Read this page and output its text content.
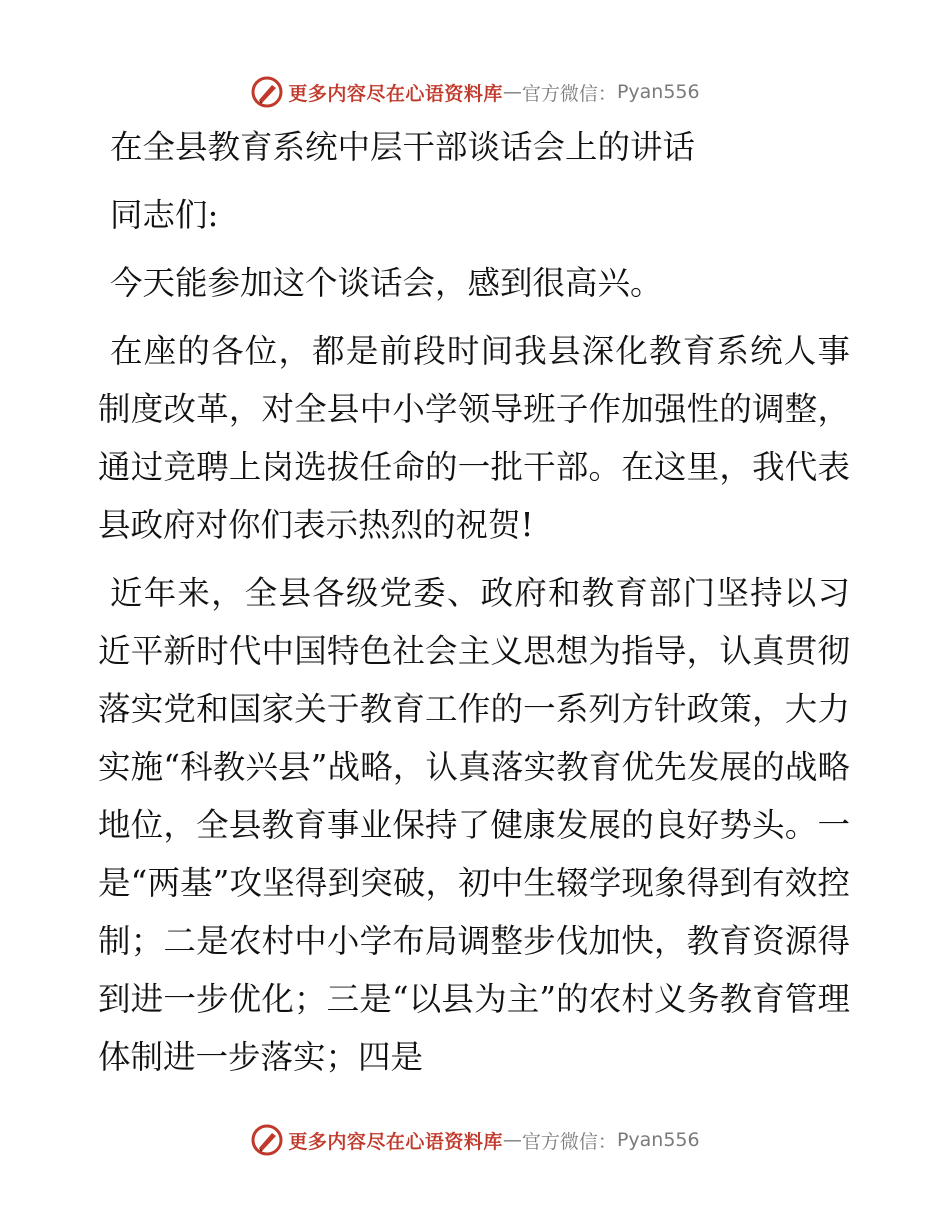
更多内容尽在心语资料库 — 官方微信： Pyan556

在全县教育系统中层干部谈话会上的讲话

同志们:

今天能参加这个谈话会，感到很高兴。

在座的各位，都是前段时间我县深化教育系统人事制度改革，对全县中小学领导班子作加强性的调整，通过竞聘上岗选拔任命的一批干部。在这里，我代表县政府对你们表示热烈的祝贺!

近年来，全县各级党委、政府和教育部门坚持以习近平新时代中国特色社会主义思想为指导，认真贯彻落实党和国家关于教育工作的一系列方针政策，大力实施“科教兴县”战略，认真落实教育优先发展的战略地位，全县教育事业保持了健康发展的良好势头。一是“两基”攻坚得到突破，初中生辍学现象得到有效控制；二是农村中小学布局调整步伐加快，教育资源得到进一步优化；三是“以县为主”的农村义务教育管理体制进一步落实；四是

更多内容尽在心语资料库 — 官方微信： Pyan556
